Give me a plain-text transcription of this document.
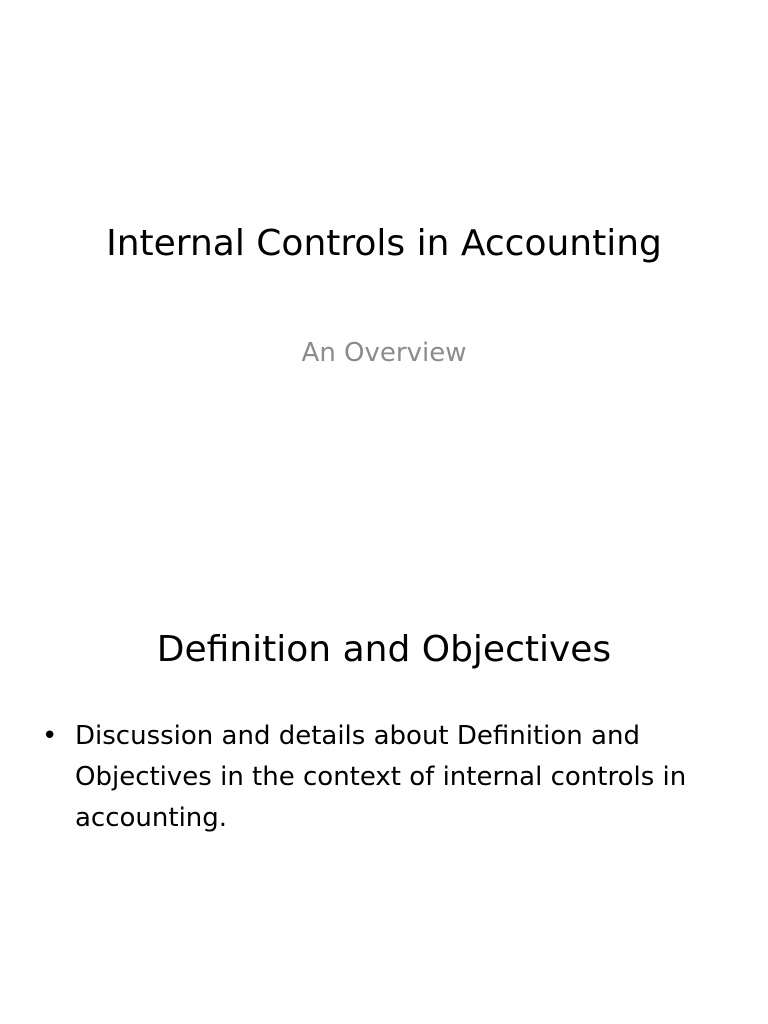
Internal Controls in Accounting
An Overview
Definition and Objectives
• Discussion and details about Definition and Objectives in the context of internal controls in accounting.
